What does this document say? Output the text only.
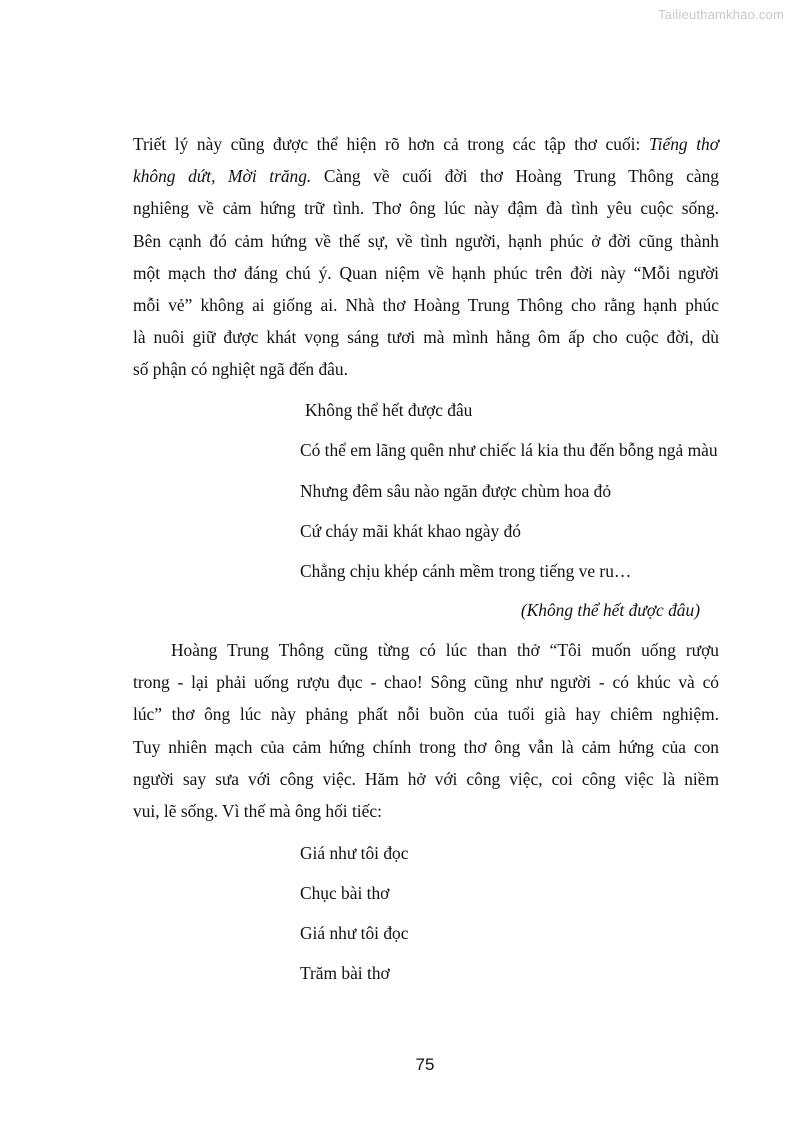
Tailieuthamkhao.com
Triết lý này cũng được thể hiện rõ hơn cả trong các tập thơ cuối: Tiếng thơ
không dứt, Mời trăng. Càng về cuối đời thơ Hoàng Trung Thông càng
nghiêng về cảm hứng trữ tình. Thơ ông lúc này đậm đà tình yêu cuộc sống.
Bên cạnh đó cảm hứng về thế sự, về tình người, hạnh phúc ở đời cũng thành
một mạch thơ đáng chú ý. Quan niệm về hạnh phúc trên đời này “Mỗi người
mỗi vẻ” không ai giống ai. Nhà thơ Hoàng Trung Thông cho rằng hạnh phúc
là nuôi giữ được khát vọng sáng tươi mà mình hằng ôm ấp cho cuộc đời, dù
số phận có nghiệt ngã đến đâu.
Không thể hết được đâu
Có thể em lãng quên như chiếc lá kia thu đến bỗng ngả màu
Nhưng đêm sâu nào ngăn được chùm hoa đỏ
Cứ cháy mãi khát khao ngày đó
Chẳng chịu khép cánh mềm trong tiếng ve ru…
(Không thể hết được đâu)
Hoàng Trung Thông cũng từng có lúc than thở “Tôi muốn uống rượu
trong - lại phải uống rượu đục - chao! Sông cũng như người - có khúc và có
lúc” thơ ông lúc này phảng phất nỗi buồn của tuổi già hay chiêm nghiệm.
Tuy nhiên mạch của cảm hứng chính trong thơ ông vẫn là cảm hứng của con
người say sưa với công việc. Hăm hở với công việc, coi công việc là niềm
vui, lẽ sống. Vì thế mà ông hối tiếc:
Giá như tôi đọc
Chục bài thơ
Giá như tôi đọc
Trăm bài thơ
75
